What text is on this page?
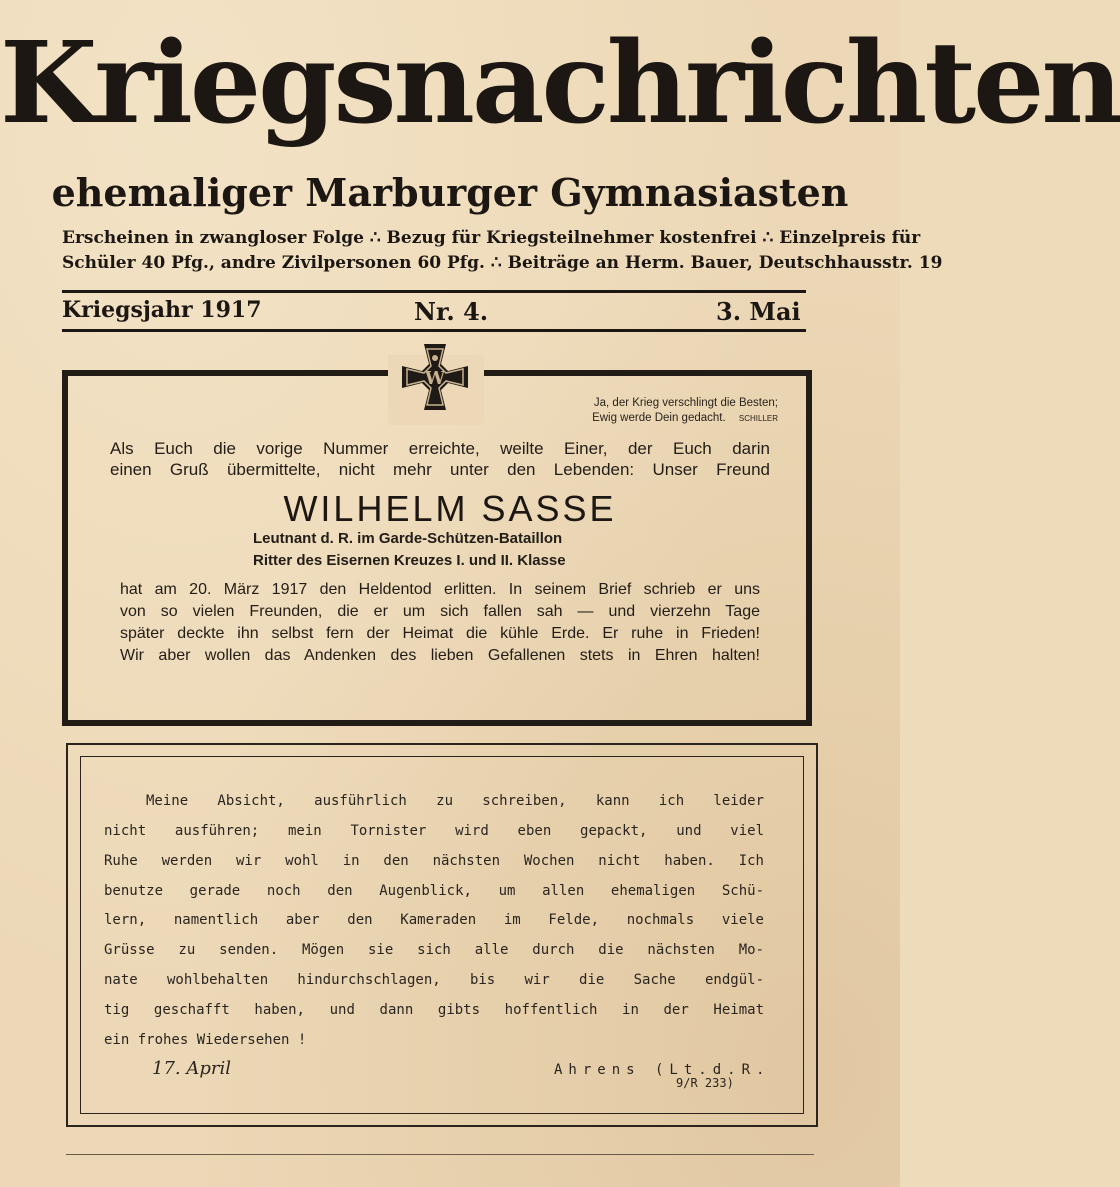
Kriegsnachrichten
ehemaliger Marburger Gymnasiasten
Erscheinen in zwangloser Folge ∴ Bezug für Kriegsteilnehmer kostenfrei ∴ Einzelpreis für
Schüler 40 Pfg., andre Zivilpersonen 60 Pfg. ∴ Beiträge an Herm. Bauer, Deutschhausstr. 19
Kriegsjahr 1917	Nr. 4.	3. Mai
W
Ja, der Krieg verschlingt die Besten;
Ewig werde Dein gedacht. SCHILLER
Als Euch die vorige Nummer erreichte, weilte Einer, der Euch darin
einen Gruß übermittelte, nicht mehr unter den Lebenden: Unser Freund
WILHELM SASSE
Leutnant d. R. im Garde-Schützen-Bataillon
Ritter des Eisernen Kreuzes I. und II. Klasse
hat am 20. März 1917 den Heldentod erlitten. In seinem Brief schrieb er uns
von so vielen Freunden, die er um sich fallen sah — und vierzehn Tage
später deckte ihn selbst fern der Heimat die kühle Erde. Er ruhe in Frieden!
Wir aber wollen das Andenken des lieben Gefallenen stets in Ehren halten!
Meine Absicht, ausführlich zu schreiben, kann ich leider
nicht ausführen; mein Tornister wird eben gepackt, und viel
Ruhe werden wir wohl in den nächsten Wochen nicht haben. Ich
benutze gerade noch den Augenblick, um allen ehemaligen Schü-
lern, namentlich aber den Kameraden im Felde, nochmals viele
Grüsse zu senden. Mögen sie sich alle durch die nächsten Mo-
nate wohlbehalten hindurchschlagen, bis wir die Sache endgül-
tig geschafft haben, und dann gibts hoffentlich in der Heimat
ein frohes Wiedersehen !
17. April	Ahrens (Lt.d.R.
9/R 233)
